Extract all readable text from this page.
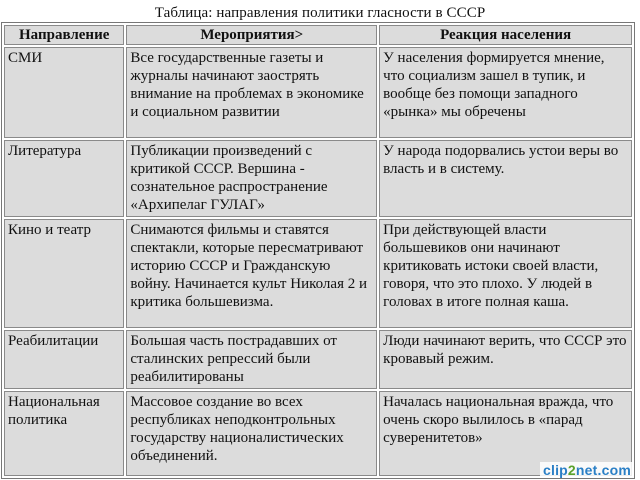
Таблица: направления политики гласности в СССР
Направление	Мероприятия>	Реакция населения
СМИ	Все государственные газеты и журналы начинают заострять внимание на проблемах в экономике и социальном развитии	У населения формируется мнение, что социализм зашел в тупик, и вообще без помощи западного «рынка» мы обречены
Литература	Публикации произведений с критикой СССР. Вершина - сознательное распространение «Архипелаг ГУЛАГ»	У народа подорвались устои веры во власть и в систему.
Кино и театр	Снимаются фильмы и ставятся спектакли, которые пересматривают историю СССР и Гражданскую войну. Начинается культ Николая 2 и критика большевизма.	При действующей власти большевиков они начинают критиковать истоки своей власти, говоря, что это плохо. У людей в головах в итоге полная каша.
Реабилитации	Большая часть пострадавших от сталинских репрессий были реабилитированы	Люди начинают верить, что СССР это кровавый режим.
Национальная политика	Массовое создание во всех республиках неподконтрольных государству националистических объединений.	Началась национальная вражда, что очень скоро вылилось в «парад суверенитетов»
clip2net.com
